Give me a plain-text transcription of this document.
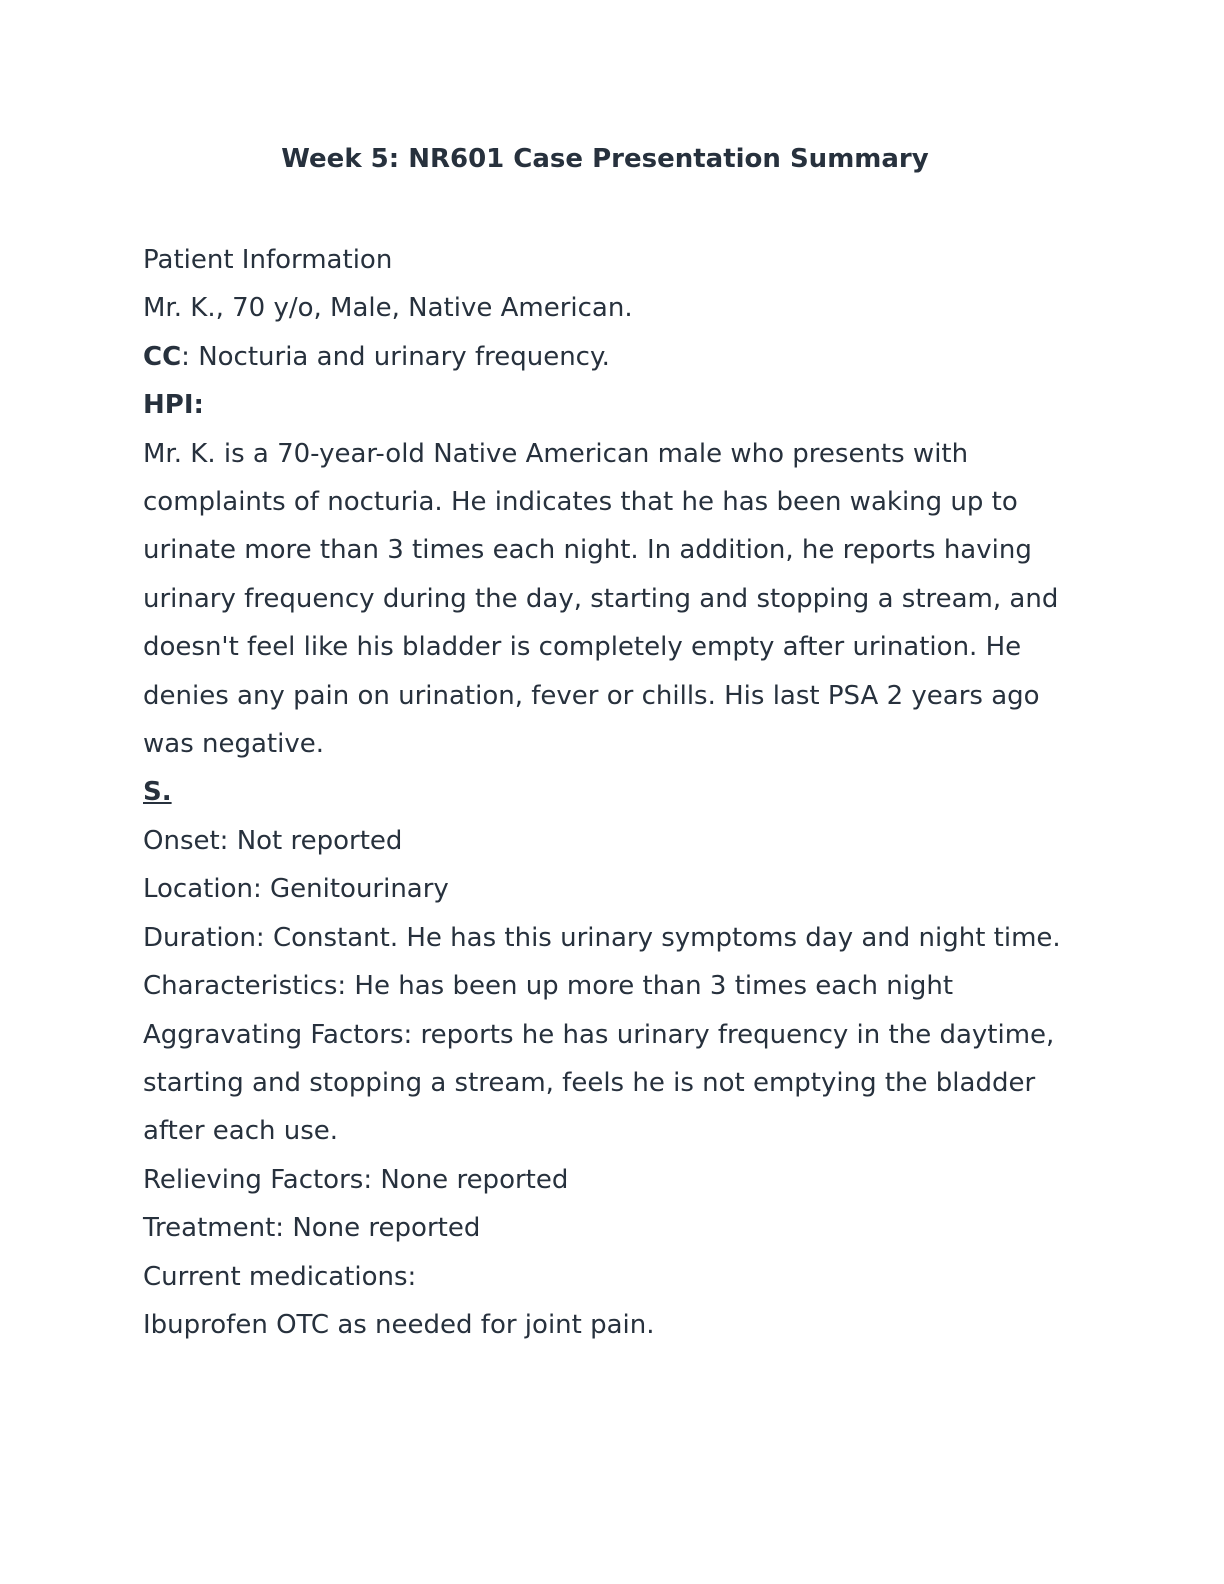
Week 5: NR601 Case Presentation Summary

Patient Information

Mr. K., 70 y/o, Male, Native American.

CC: Nocturia and urinary frequency.

HPI:

Mr. K. is a 70-year-old Native American male who presents with complaints of nocturia. He indicates that he has been waking up to urinate more than 3 times each night. In addition, he reports having urinary frequency during the day, starting and stopping a stream, and doesn't feel like his bladder is completely empty after urination. He denies any pain on urination, fever or chills. His last PSA 2 years ago was negative.

S.

Onset: Not reported

Location: Genitourinary

Duration: Constant. He has this urinary symptoms day and night time.

Characteristics: He has been up more than 3 times each night

Aggravating Factors: reports he has urinary frequency in the daytime, starting and stopping a stream, feels he is not emptying the bladder after each use.

Relieving Factors: None reported

Treatment: None reported

Current medications:

Ibuprofen OTC as needed for joint pain.
